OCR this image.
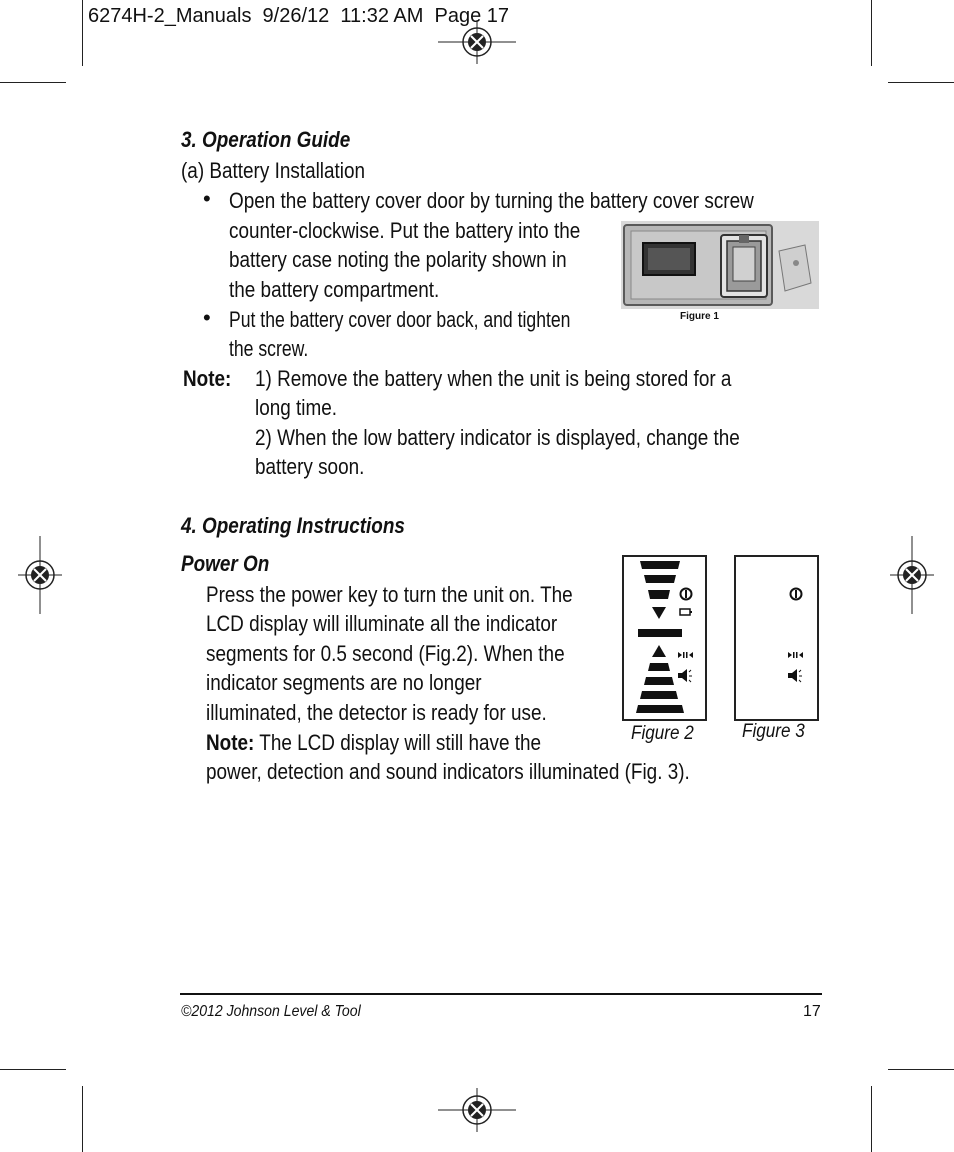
6274H-2_Manuals  9/26/12  11:32 AM  Page 17
3. Operation Guide
(a) Battery Installation
• Open the battery cover door by turning the battery cover screw
counter-clockwise. Put the battery into the
battery case noting the polarity shown in
the battery compartment.
• Put the battery cover door back, and tighten
the screw.
Figure 1
Note: 1) Remove the battery when the unit is being stored for a
long time.
2) When the low battery indicator is displayed, change the
battery soon.
4. Operating Instructions
Power On
Press the power key to turn the unit on. The
LCD display will illuminate all the indicator
segments for 0.5 second (Fig.2). When the
indicator segments are no longer
illuminated, the detector is ready for use.
Note: The LCD display will still have the
power, detection and sound indicators illuminated (Fig. 3).
Figure 2	Figure 3
©2012 Johnson Level & Tool	17
